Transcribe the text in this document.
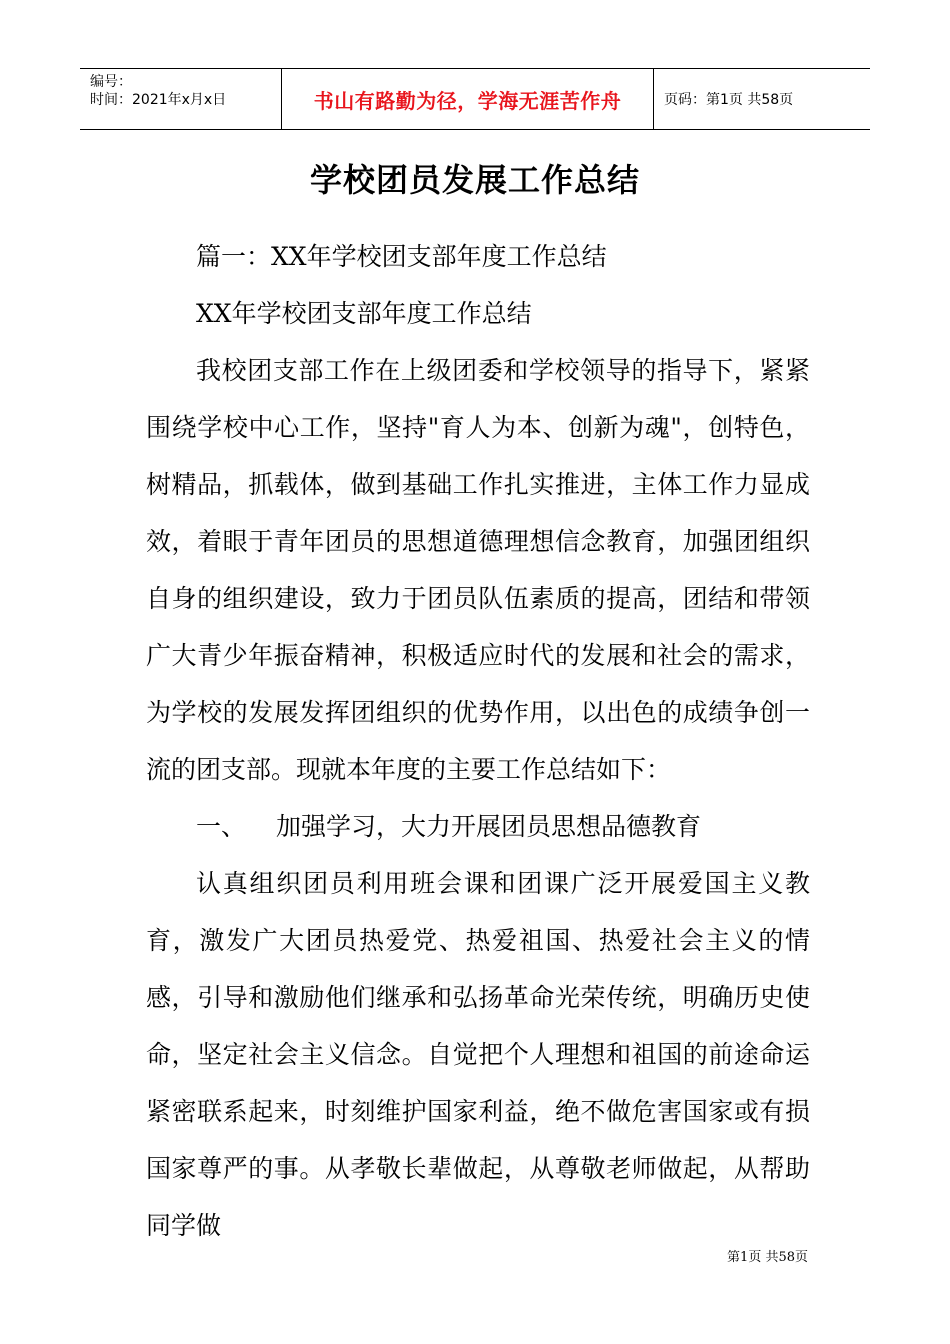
编号：
时间：2021年x月x日	书山有路勤为径，学海无涯苦作舟	页码：第1页 共58页
学校团员发展工作总结

篇一：XX年学校团支部年度工作总结

XX年学校团支部年度工作总结

我校团支部工作在上级团委和学校领导的指导下，紧紧围绕学校中心工作，坚持"育人为本、创新为魂"，创特色，树精品，抓载体，做到基础工作扎实推进，主体工作力显成效，着眼于青年团员的思想道德理想信念教育，加强团组织自身的组织建设，致力于团员队伍素质的提高，团结和带领广大青少年振奋精神，积极适应时代的发展和社会的需求，为学校的发展发挥团组织的优势作用，以出色的成绩争创一流的团支部。现就本年度的主要工作总结如下：

一、 加强学习，大力开展团员思想品德教育

认真组织团员利用班会课和团课广泛开展爱国主义教育，激发广大团员热爱党、热爱祖国、热爱社会主义的情感，引导和激励他们继承和弘扬革命光荣传统，明确历史使命，坚定社会主义信念。自觉把个人理想和祖国的前途命运紧密联系起来，时刻维护国家利益，绝不做危害国家或有损国家尊严的事。从孝敬长辈做起，从尊敬老师做起，从帮助同学做

第1页 共58页
